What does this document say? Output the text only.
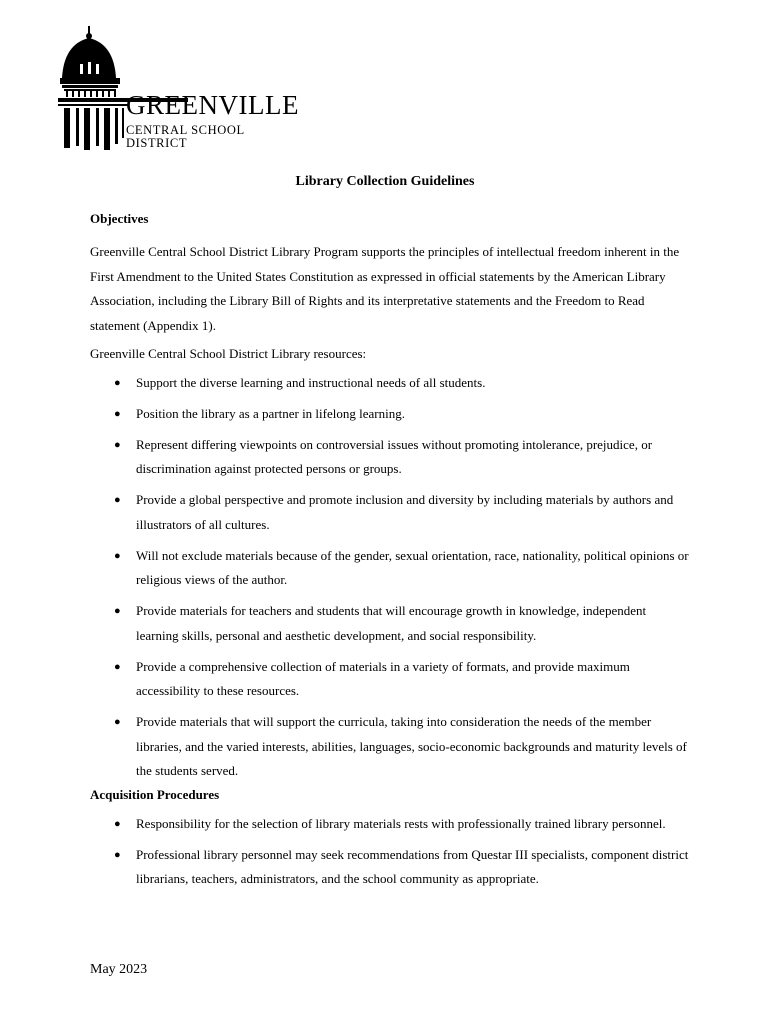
GREENVILLE
CENTRAL SCHOOL DISTRICT
Library Collection Guidelines

Objectives

Greenville Central School District Library Program supports the principles of intellectual freedom inherent in the First Amendment to the United States Constitution as expressed in official statements by the American Library Association, including the Library Bill of Rights and its interpretative statements and the Freedom to Read statement (Appendix 1).

Greenville Central School District Library resources:

● Support the diverse learning and instructional needs of all students.
● Position the library as a partner in lifelong learning.
● Represent differing viewpoints on controversial issues without promoting intolerance, prejudice, or discrimination against protected persons or groups.
● Provide a global perspective and promote inclusion and diversity by including materials by authors and illustrators of all cultures.
● Will not exclude materials because of the gender, sexual orientation, race, nationality, political opinions or religious views of the author.
● Provide materials for teachers and students that will encourage growth in knowledge, independent learning skills, personal and aesthetic development, and social responsibility.
● Provide a comprehensive collection of materials in a variety of formats, and provide maximum accessibility to these resources.
● Provide materials that will support the curricula, taking into consideration the needs of the member libraries, and the varied interests, abilities, languages, socio-economic backgrounds and maturity levels of the students served.

Acquisition Procedures

● Responsibility for the selection of library materials rests with professionally trained library personnel.
● Professional library personnel may seek recommendations from Questar III specialists, component district librarians, teachers, administrators, and the school community as appropriate.
May 2023
